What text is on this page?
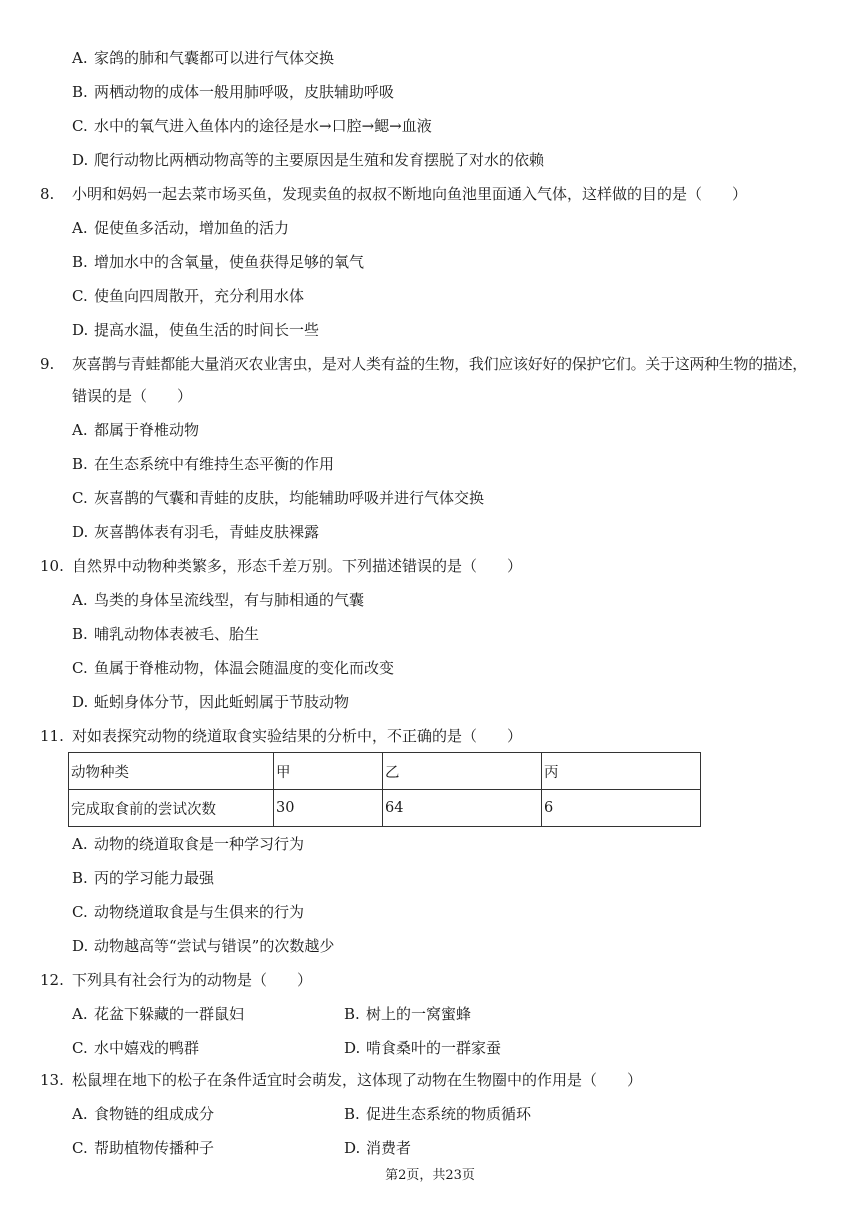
A. 家鸽的肺和气囊都可以进行气体交换
B. 两栖动物的成体一般用肺呼吸，皮肤辅助呼吸
C. 水中的氧气进入鱼体内的途径是水→口腔→鳃→血液
D. 爬行动物比两栖动物高等的主要原因是生殖和发育摆脱了对水的依赖
8. 小明和妈妈一起去菜市场买鱼，发现卖鱼的叔叔不断地向鱼池里面通入气体，这样做的目的是（　　）
A. 促使鱼多活动，增加鱼的活力
B. 增加水中的含氧量，使鱼获得足够的氧气
C. 使鱼向四周散开，充分利用水体
D. 提高水温，使鱼生活的时间长一些
9. 灰喜鹊与青蛙都能大量消灭农业害虫，是对人类有益的生物，我们应该好好的保护它们。关于这两种生物的描述，
错误的是（　　）
A. 都属于脊椎动物
B. 在生态系统中有维持生态平衡的作用
C. 灰喜鹊的气囊和青蛙的皮肤，均能辅助呼吸并进行气体交换
D. 灰喜鹊体表有羽毛，青蛙皮肤裸露
10. 自然界中动物种类繁多，形态千差万别。下列描述错误的是（　　）
A. 鸟类的身体呈流线型，有与肺相通的气囊
B. 哺乳动物体表被毛、胎生
C. 鱼属于脊椎动物，体温会随温度的变化而改变
D. 蚯蚓身体分节，因此蚯蚓属于节肢动物
11. 对如表探究动物的绕道取食实验结果的分析中，不正确的是（　　）
动物种类	甲	乙	丙
完成取食前的尝试次数	30	64	6
A. 动物的绕道取食是一种学习行为
B. 丙的学习能力最强
C. 动物绕道取食是与生俱来的行为
D. 动物越高等“尝试与错误”的次数越少
12. 下列具有社会行为的动物是（　　）
A. 花盆下躲藏的一群鼠妇	B. 树上的一窝蜜蜂
C. 水中嬉戏的鸭群	D. 啃食桑叶的一群家蚕
13. 松鼠埋在地下的松子在条件适宜时会萌发，这体现了动物在生物圈中的作用是（　　）
A. 食物链的组成成分	B. 促进生态系统的物质循环
C. 帮助植物传播种子	D. 消费者
第2页，共23页
